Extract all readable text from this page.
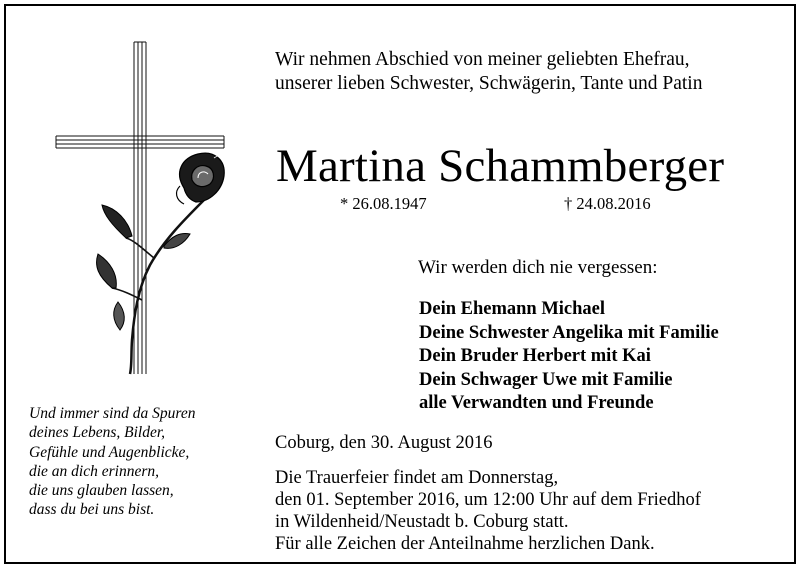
Wir nehmen Abschied von meiner geliebten Ehefrau,
unserer lieben Schwester, Schwägerin, Tante und Patin
Martina Schammberger
* 26.08.1947	† 24.08.2016
Wir werden dich nie vergessen:
Dein Ehemann Michael
Deine Schwester Angelika mit Familie
Dein Bruder Herbert mit Kai
Dein Schwager Uwe mit Familie
alle Verwandten und Freunde
Coburg, den 30. August 2016
Die Trauerfeier findet am Donnerstag,
den 01. September 2016, um 12:00 Uhr auf dem Friedhof
in Wildenheid/Neustadt b. Coburg statt.
Für alle Zeichen der Anteilnahme herzlichen Dank.
Und immer sind da Spuren
deines Lebens, Bilder,
Gefühle und Augenblicke,
die an dich erinnern,
die uns glauben lassen,
dass du bei uns bist.
